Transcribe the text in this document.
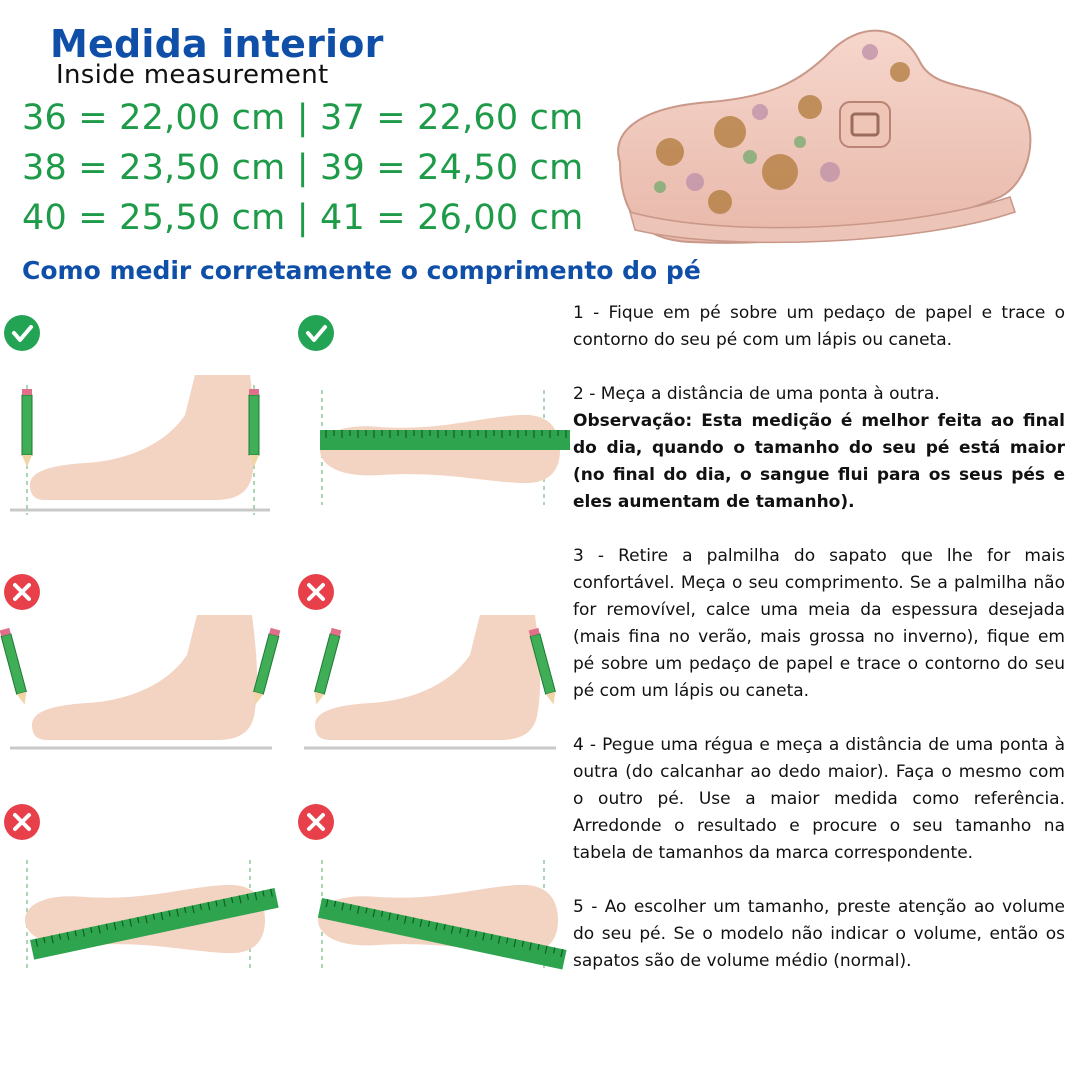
Medida interior
Inside measurement
36 = 22,00 cm | 37 = 22,60 cm
38 = 23,50 cm | 39 = 24,50 cm
40 = 25,50 cm | 41 = 26,00 cm
Como medir corretamente o comprimento do pé

1 - Fique em pé sobre um pedaço de papel e trace o contorno do seu pé com um lápis ou caneta.

2 - Meça a distância de uma ponta à outra.
Observação: Esta medição é melhor feita ao final do dia, quando o tamanho do seu pé está maior (no final do dia, o sangue flui para os seus pés e eles aumentam de tamanho).

3 - Retire a palmilha do sapato que lhe for mais confortável. Meça o seu comprimento. Se a palmilha não for removível, calce uma meia da espessura desejada (mais fina no verão, mais grossa no inverno), fique em pé sobre um pedaço de papel e trace o contorno do seu pé com um lápis ou caneta.

4 - Pegue uma régua e meça a distância de uma ponta à outra (do calcanhar ao dedo maior). Faça o mesmo com o outro pé. Use a maior medida como referência. Arredonde o resultado e procure o seu tamanho na tabela de tamanhos da marca correspondente.

5 - Ao escolher um tamanho, preste atenção ao volume do seu pé. Se o modelo não indicar o volume, então os sapatos são de volume médio (normal).
